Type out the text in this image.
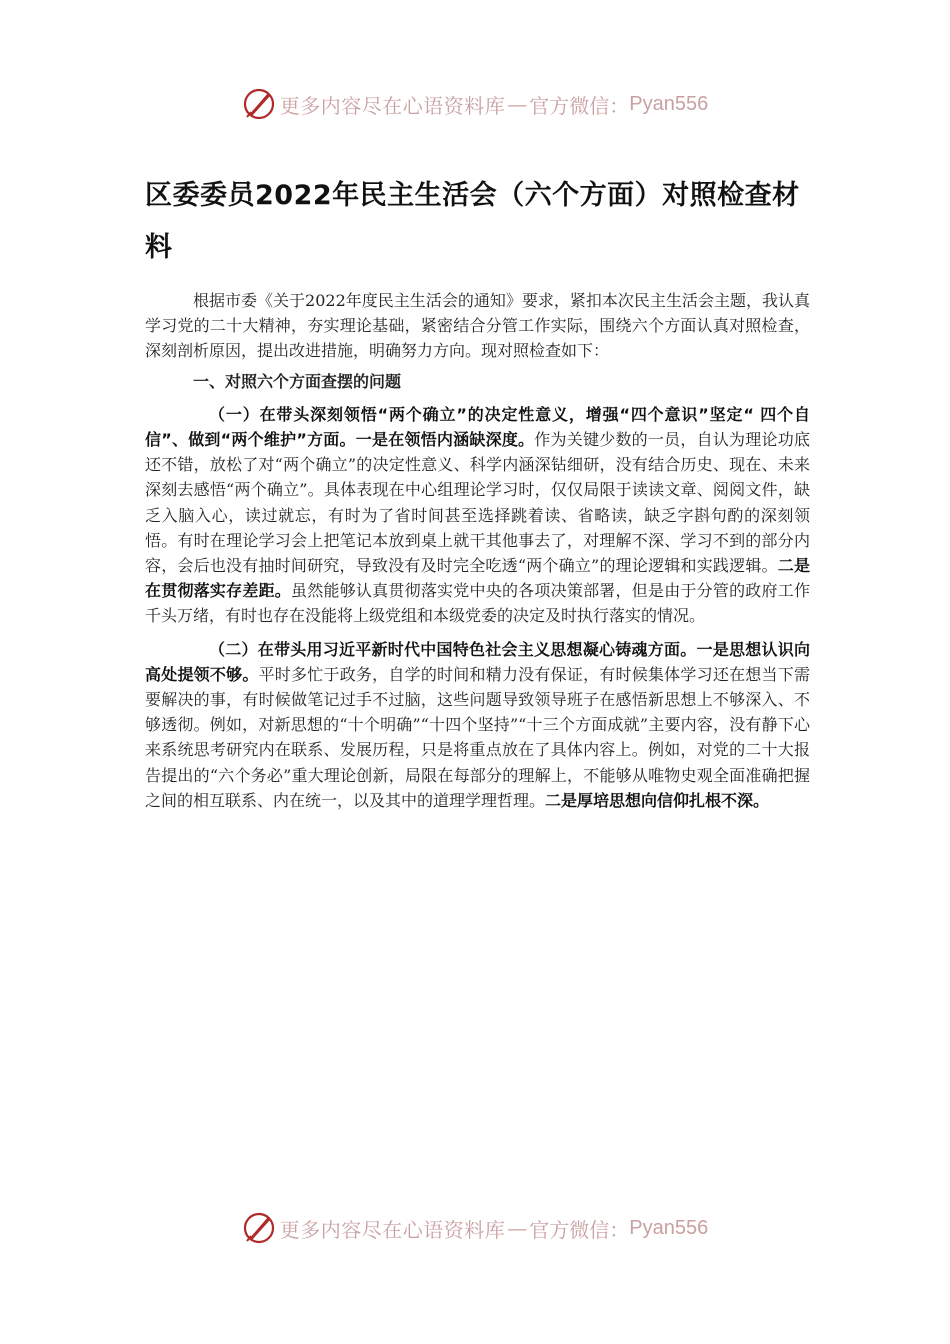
更多内容尽在心语资料库 — 官方微信： Pyan556
区委委员2022年民主生活会（六个方面）对照检查材料

根据市委《关于2022年度民主生活会的通知》要求，紧扣本次民主生活会主题，我认真学习党的二十大精神，夯实理论基础，紧密结合分管工作实际，围绕六个方面认真对照检查，深刻剖析原因，提出改进措施，明确努力方向。现对照检查如下：

一、对照六个方面查摆的问题

（一）在带头深刻领悟“两个确立”的决定性意义，增强“四个意识”坚定“ 四个自信”、做到“两个维护”方面。一是在领悟内涵缺深度。作为关键少数的一员，自认为理论功底还不错，放松了对“两个确立”的决定性意义、科学内涵深钻细研，没有结合历史、现在、未来深刻去感悟“两个确立”。具体表现在中心组理论学习时，仅仅局限于读读文章、阅阅文件，缺乏入脑入心，读过就忘，有时为了省时间甚至选择跳着读、省略读，缺乏字斟句酌的深刻领悟。有时在理论学习会上把笔记本放到桌上就干其他事去了，对理解不深、学习不到的部分内容，会后也没有抽时间研究，导致没有及时完全吃透“两个确立”的理论逻辑和实践逻辑。二是在贯彻落实存差距。虽然能够认真贯彻落实党中央的各项决策部署，但是由于分管的政府工作千头万绪，有时也存在没能将上级党组和本级党委的决定及时执行落实的情况。

（二）在带头用习近平新时代中国特色社会主义思想凝心铸魂方面。一是思想认识向高处提领不够。平时多忙于政务，自学的时间和精力没有保证，有时候集体学习还在想当下需要解决的事，有时候做笔记过手不过脑，这些问题导致领导班子在感悟新思想上不够深入、不够透彻。例如，对新思想的“十个明确”“十四个坚持”“十三个方面成就”主要内容，没有静下心来系统思考研究内在联系、发展历程，只是将重点放在了具体内容上。例如，对党的二十大报告提出的“六个务必”重大理论创新，局限在每部分的理解上，不能够从唯物史观全面准确把握之间的相互联系、内在统一，以及其中的道理学理哲理。二是厚培思想向信仰扎根不深。

更多内容尽在心语资料库 — 官方微信： Pyan556
